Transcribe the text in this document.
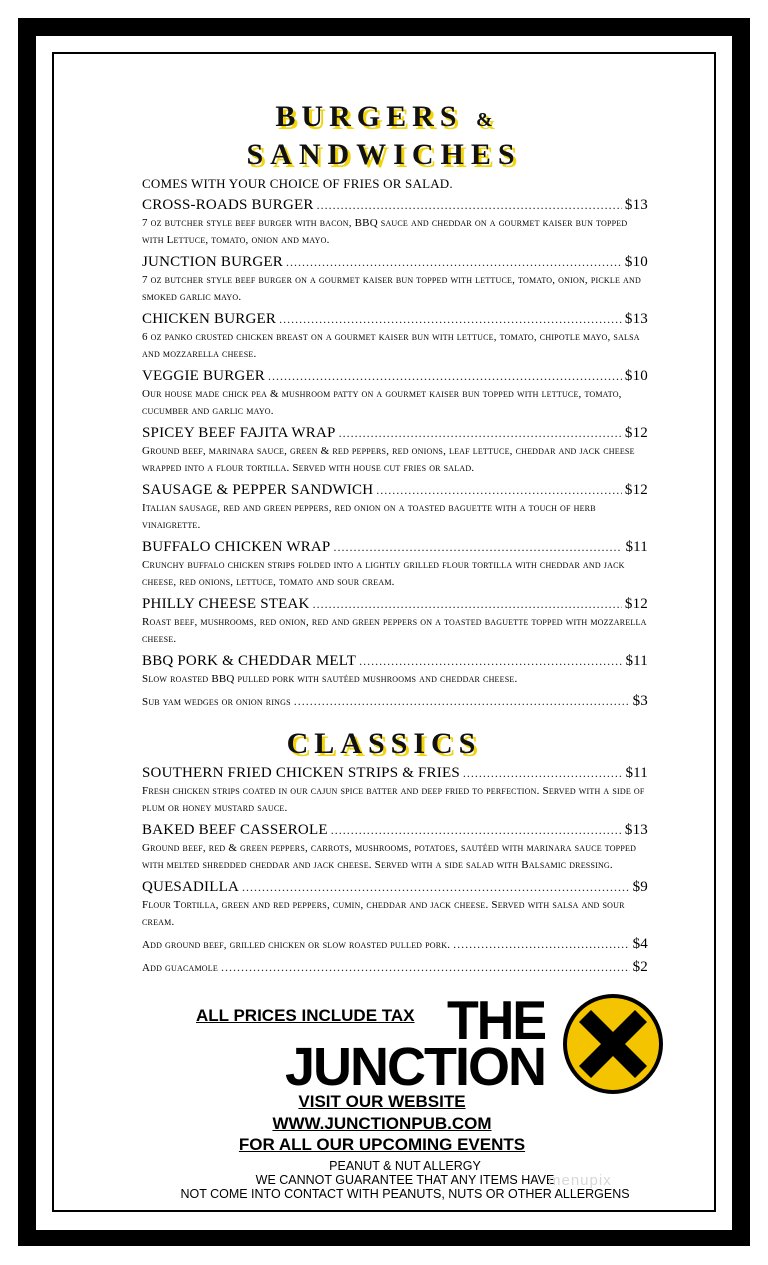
BURGERS &
SANDWICHES
COMES WITH YOUR CHOICE OF FRIES OR SALAD.
CROSS-ROADS BURGER .....	$13
7 oz butcher style beef burger with bacon, BBQ sauce and cheddar on a gourmet kaiser bun topped with Lettuce, tomato, onion and mayo.
JUNCTION BURGER .....	$10
7 oz butcher style beef burger on a gourmet kaiser bun topped with lettuce, tomato, onion, pickle and smoked garlic mayo.
CHICKEN BURGER .....	$13
6 oz panko crusted chicken breast on a gourmet kaiser bun with lettuce, tomato, chipotle mayo, salsa and mozzarella cheese.
VEGGIE BURGER .....	$10
Our house made chick pea & mushroom patty on a gourmet kaiser bun topped with lettuce, tomato, cucumber and garlic mayo.
SPICEY BEEF FAJITA WRAP .....	$12
Ground beef, marinara sauce, green & red peppers, red onions, leaf lettuce, cheddar and jack cheese wrapped into a flour tortilla. Served with house cut fries or salad.
SAUSAGE & PEPPER SANDWICH .....	$12
Italian sausage, red and green peppers, red onion on a toasted baguette with a touch of herb vinaigrette.
BUFFALO CHICKEN WRAP .....	$11
Crunchy buffalo chicken strips folded into a lightly grilled flour tortilla with cheddar and jack cheese, red onions, lettuce, tomato and sour cream.
PHILLY CHEESE STEAK .....	$12
Roast beef, mushrooms, red onion, red and green peppers on a toasted baguette topped with mozzarella cheese.
BBQ PORK & CHEDDAR MELT .....	$11
Slow roasted BBQ pulled pork with sautéed mushrooms and cheddar cheese.
Sub yam wedges or onion rings .....	$3
CLASSICS
SOUTHERN FRIED CHICKEN STRIPS & FRIES .....	$11
Fresh chicken strips coated in our cajun spice batter and deep fried to perfection. Served with a side of plum or honey mustard sauce.
BAKED BEEF CASSEROLE .....	$13
Ground beef, red & green peppers, carrots, mushrooms, potatoes, sautéed with marinara sauce topped with melted shredded cheddar and jack cheese. Served with a side salad with Balsamic dressing.
QUESADILLA .....	$9
Flour Tortilla, green and red peppers, cumin, cheddar and jack cheese. Served with salsa and sour cream.
Add ground beef, grilled chicken or slow roasted pulled pork. .....	$4
Add guacamole .....	$2
ALL PRICES INCLUDE TAX THE
JUNCTION
VISIT OUR WEBSITE
WWW.JUNCTIONPUB.COM
FOR ALL OUR UPCOMING EVENTS
PEANUT & NUT ALLERGY
WE CANNOT GUARANTEE THAT ANY ITEMS HAVE
NOT COME INTO CONTACT WITH PEANUTS, NUTS OR OTHER ALLERGENS
menupix
